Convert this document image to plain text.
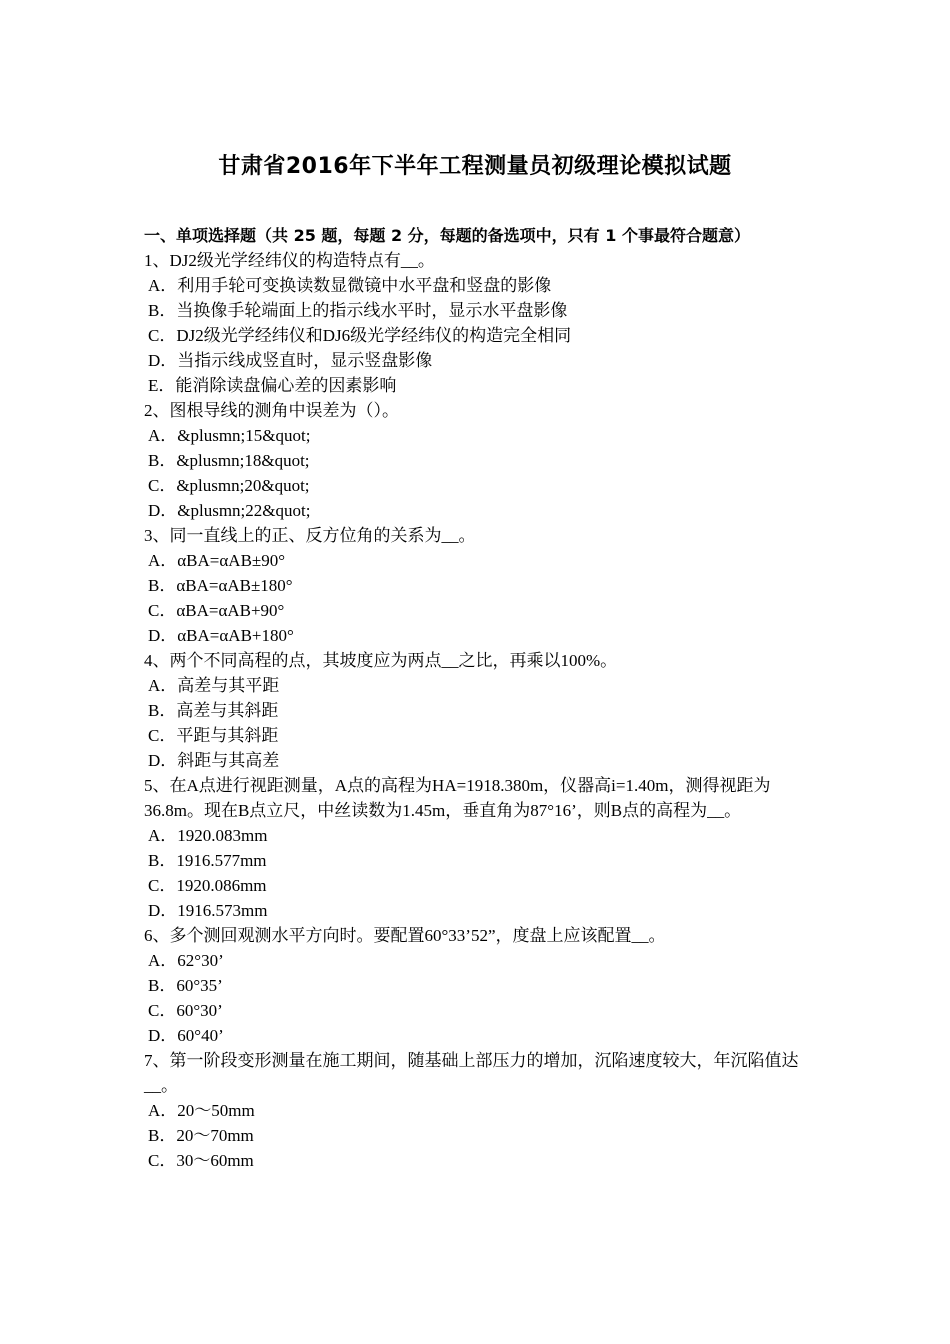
甘肃省2016年下半年工程测量员初级理论模拟试题
一、单项选择题（共 25 题，每题 2 分，每题的备选项中，只有 1 个事最符合题意）
1、DJ2级光学经纬仪的构造特点有__。
A．利用手轮可变换读数显微镜中水平盘和竖盘的影像
B．当换像手轮端面上的指示线水平时，显示水平盘影像
C．DJ2级光学经纬仪和DJ6级光学经纬仪的构造完全相同
D．当指示线成竖直时，显示竖盘影像
E．能消除读盘偏心差的因素影响
2、图根导线的测角中误差为（）。
A．&plusmn;15&quot;
B．&plusmn;18&quot;
C．&plusmn;20&quot;
D．&plusmn;22&quot;
3、同一直线上的正、反方位角的关系为__。
A．αBA=αAB±90°
B．αBA=αAB±180°
C．αBA=αAB+90°
D．αBA=αAB+180°
4、两个不同高程的点，其坡度应为两点__之比，再乘以100%。
A．高差与其平距
B．高差与其斜距
C．平距与其斜距
D．斜距与其高差
5、在A点进行视距测量，A点的高程为HA=1918.380m，仪器高i=1.40m，测得视距为36.8m。现在B点立尺，中丝读数为1.45m，垂直角为87°16’，则B点的高程为__。
A．1920.083mm
B．1916.577mm
C．1920.086mm
D．1916.573mm
6、多个测回观测水平方向时。要配置60°33’52”，度盘上应该配置__。
A．62°30’
B．60°35’
C．60°30’
D．60°40’
7、第一阶段变形测量在施工期间，随基础上部压力的增加，沉陷速度较大，年沉陷值达__。
A．20～50mm
B．20～70mm
C．30～60mm
